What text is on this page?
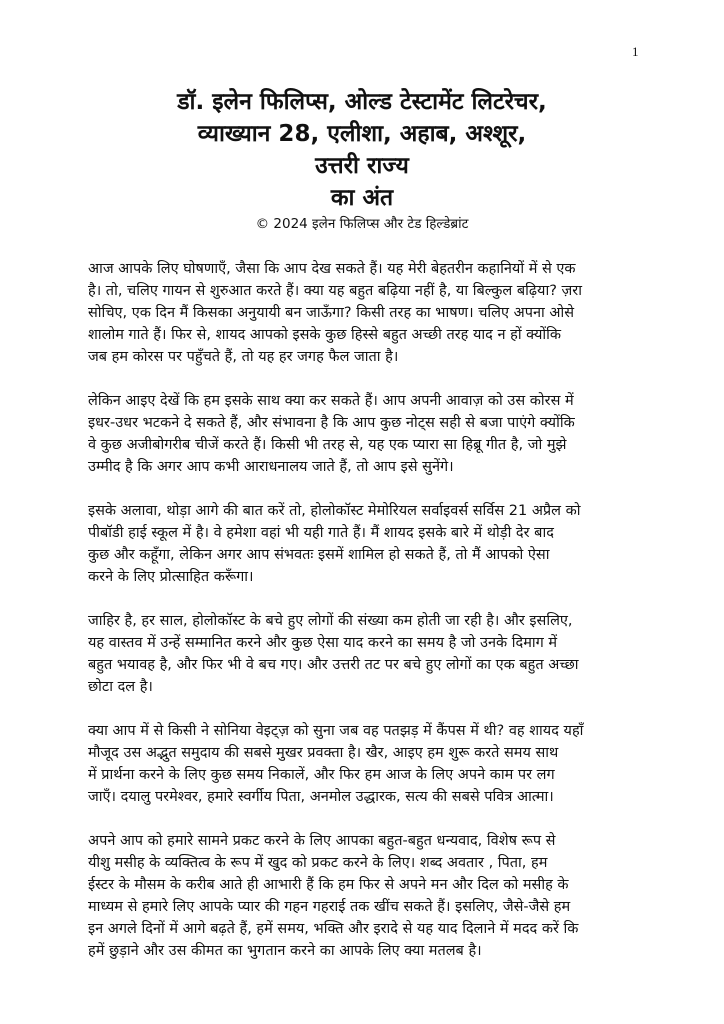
1
डॉ. इलेन फिलिप्स, ओल्ड टेस्टामेंट लिटरेचर,
व्याख्यान 28, एलीशा, अहाब, अश्शूर,
उत्तरी राज्य
का अंत
© 2024 इलेन फिलिप्स और टेड हिल्डेब्रांट
आज आपके लिए घोषणाएँ, जैसा कि आप देख सकते हैं। यह मेरी बेहतरीन कहानियों में से एक
है। तो, चलिए गायन से शुरुआत करते हैं। क्या यह बहुत बढ़िया नहीं है, या बिल्कुल बढ़िया? ज़रा
सोचिए, एक दिन मैं किसका अनुयायी बन जाऊँगा? किसी तरह का भाषण। चलिए अपना ओसे
शालोम गाते हैं। फिर से, शायद आपको इसके कुछ हिस्से बहुत अच्छी तरह याद न हों क्योंकि
जब हम कोरस पर पहुँचते हैं, तो यह हर जगह फैल जाता है।
लेकिन आइए देखें कि हम इसके साथ क्या कर सकते हैं। आप अपनी आवाज़ को उस कोरस में
इधर-उधर भटकने दे सकते हैं, और संभावना है कि आप कुछ नोट्स सही से बजा पाएंगे क्योंकि
वे कुछ अजीबोगरीब चीजें करते हैं। किसी भी तरह से, यह एक प्यारा सा हिब्रू गीत है, जो मुझे
उम्मीद है कि अगर आप कभी आराधनालय जाते हैं, तो आप इसे सुनेंगे।
इसके अलावा, थोड़ा आगे की बात करें तो, होलोकॉस्ट मेमोरियल सर्वाइवर्स सर्विस 21 अप्रैल को
पीबॉडी हाई स्कूल में है। वे हमेशा वहां भी यही गाते हैं। मैं शायद इसके बारे में थोड़ी देर बाद
कुछ और कहूँगा, लेकिन अगर आप संभवतः इसमें शामिल हो सकते हैं, तो मैं आपको ऐसा
करने के लिए प्रोत्साहित करूँगा।
जाहिर है, हर साल, होलोकॉस्ट के बचे हुए लोगों की संख्या कम होती जा रही है। और इसलिए,
यह वास्तव में उन्हें सम्मानित करने और कुछ ऐसा याद करने का समय है जो उनके दिमाग में
बहुत भयावह है, और फिर भी वे बच गए। और उत्तरी तट पर बचे हुए लोगों का एक बहुत अच्छा
छोटा दल है।
क्या आप में से किसी ने सोनिया वेइट्ज़ को सुना जब वह पतझड़ में कैंपस में थी? वह शायद यहाँ
मौजूद उस अद्भुत समुदाय की सबसे मुखर प्रवक्ता है। खैर, आइए हम शुरू करते समय साथ
में प्रार्थना करने के लिए कुछ समय निकालें, और फिर हम आज के लिए अपने काम पर लग
जाएँ। दयालु परमेश्वर, हमारे स्वर्गीय पिता, अनमोल उद्धारक, सत्य की सबसे पवित्र आत्मा।
अपने आप को हमारे सामने प्रकट करने के लिए आपका बहुत-बहुत धन्यवाद, विशेष रूप से
यीशु मसीह के व्यक्तित्व के रूप में खुद को प्रकट करने के लिए। शब्द अवतार , पिता, हम
ईस्टर के मौसम के करीब आते ही आभारी हैं कि हम फिर से अपने मन और दिल को मसीह के
माध्यम से हमारे लिए आपके प्यार की गहन गहराई तक खींच सकते हैं। इसलिए, जैसे-जैसे हम
इन अगले दिनों में आगे बढ़ते हैं, हमें समय, भक्ति और इरादे से यह याद दिलाने में मदद करें कि
हमें छुड़ाने और उस कीमत का भुगतान करने का आपके लिए क्या मतलब है।
